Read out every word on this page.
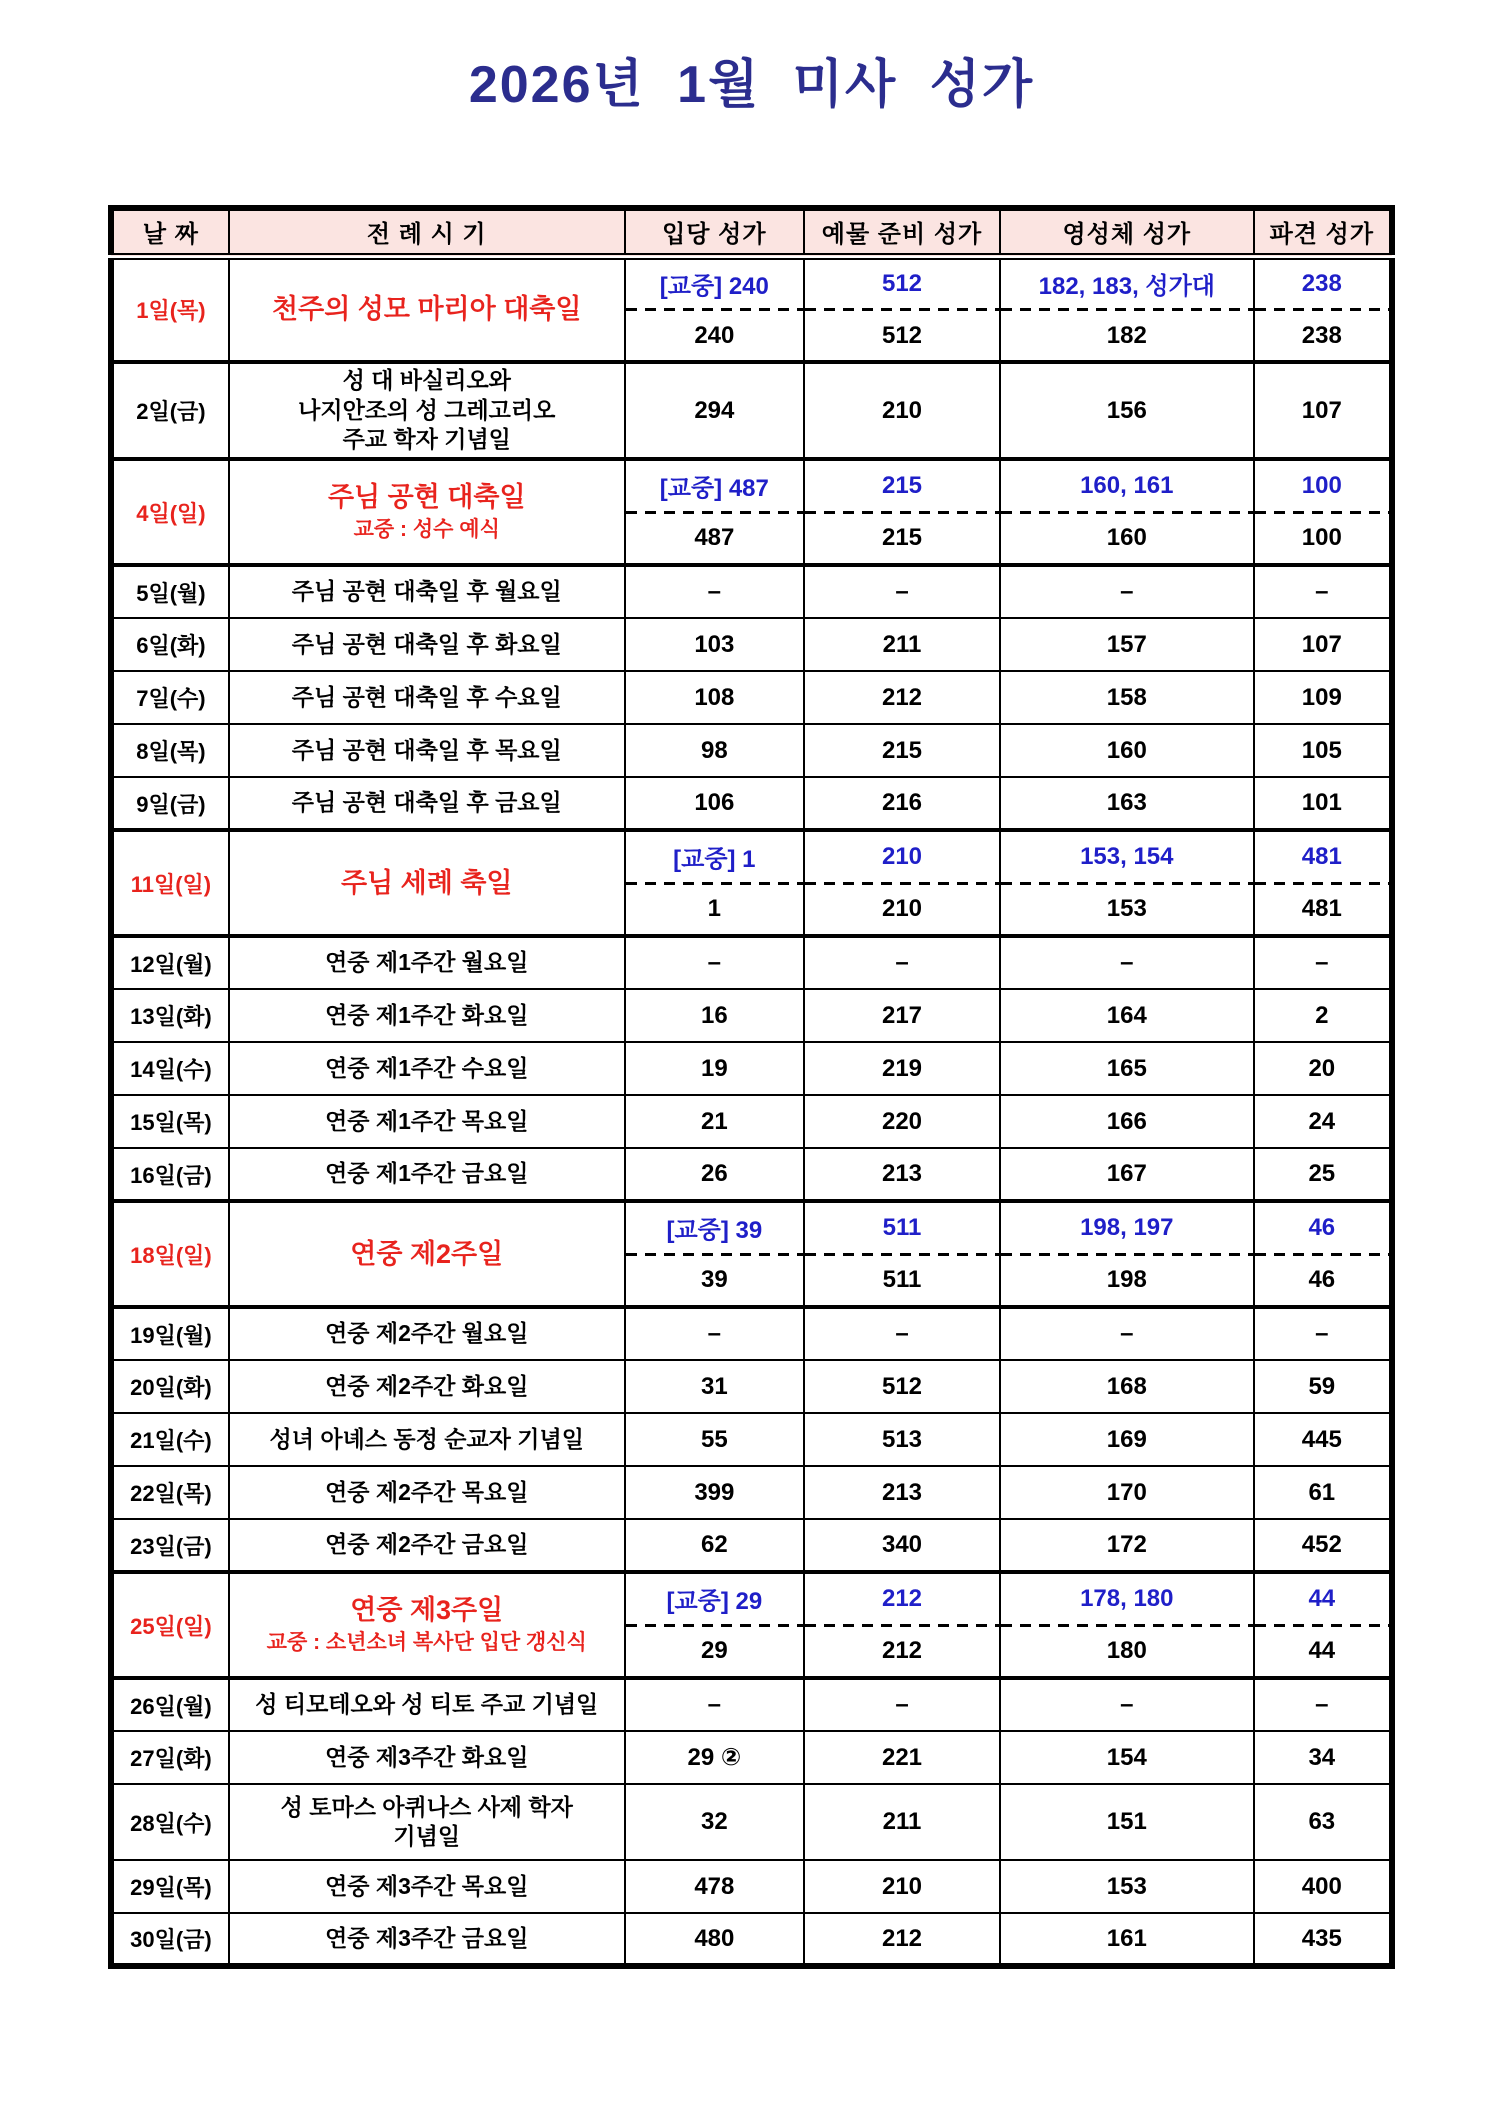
2026년 1월 미사 성가
날 짜	전 례 시 기	입당 성가	예물 준비 성가	영성체 성가	파견 성가
1일(목)	천주의 성모 마리아 대축일

[교중] 240
240

512
512

182, 183, 성가대
182

238
238

2일(금)	성 대 바실리오와
나지안조의 성 그레고리오
주교 학자 기념일	294	210	156	107
4일(일)	
주님 공현 대축일
교중 : 성수 예식

[교중] 487
487

215
215

160, 161
160

100
100

5일(월)	주님 공현 대축일 후 월요일	–	–	–	–
6일(화)	주님 공현 대축일 후 화요일	103	211	157	107
7일(수)	주님 공현 대축일 후 수요일	108	212	158	109
8일(목)	주님 공현 대축일 후 목요일	98	215	160	105
9일(금)	주님 공현 대축일 후 금요일	106	216	163	101
11일(일)	주님 세례 축일

[교중] 1
1

210
210

153, 154
153

481
481

12일(월)	연중 제1주간 월요일	–	–	–	–
13일(화)	연중 제1주간 화요일	16	217	164	2
14일(수)	연중 제1주간 수요일	19	219	165	20
15일(목)	연중 제1주간 목요일	21	220	166	24
16일(금)	연중 제1주간 금요일	26	213	167	25
18일(일)	연중 제2주일

[교중] 39
39

511
511

198, 197
198

46
46

19일(월)	연중 제2주간 월요일	–	–	–	–
20일(화)	연중 제2주간 화요일	31	512	168	59
21일(수)	성녀 아녜스 동정 순교자 기념일	55	513	169	445
22일(목)	연중 제2주간 목요일	399	213	170	61
23일(금)	연중 제2주간 금요일	62	340	172	452
25일(일)	
연중 제3주일
교중 : 소년소녀 복사단 입단 갱신식

[교중] 29
29

212
212

178, 180
180

44
44

26일(월)	성 티모테오와 성 티토 주교 기념일	–	–	–	–
27일(화)	연중 제3주간 화요일	29 ②	221	154	34
28일(수)	성 토마스 아퀴나스 사제 학자
기념일	32	211	151	63
29일(목)	연중 제3주간 목요일	478	210	153	400
30일(금)	연중 제3주간 금요일	480	212	161	435
